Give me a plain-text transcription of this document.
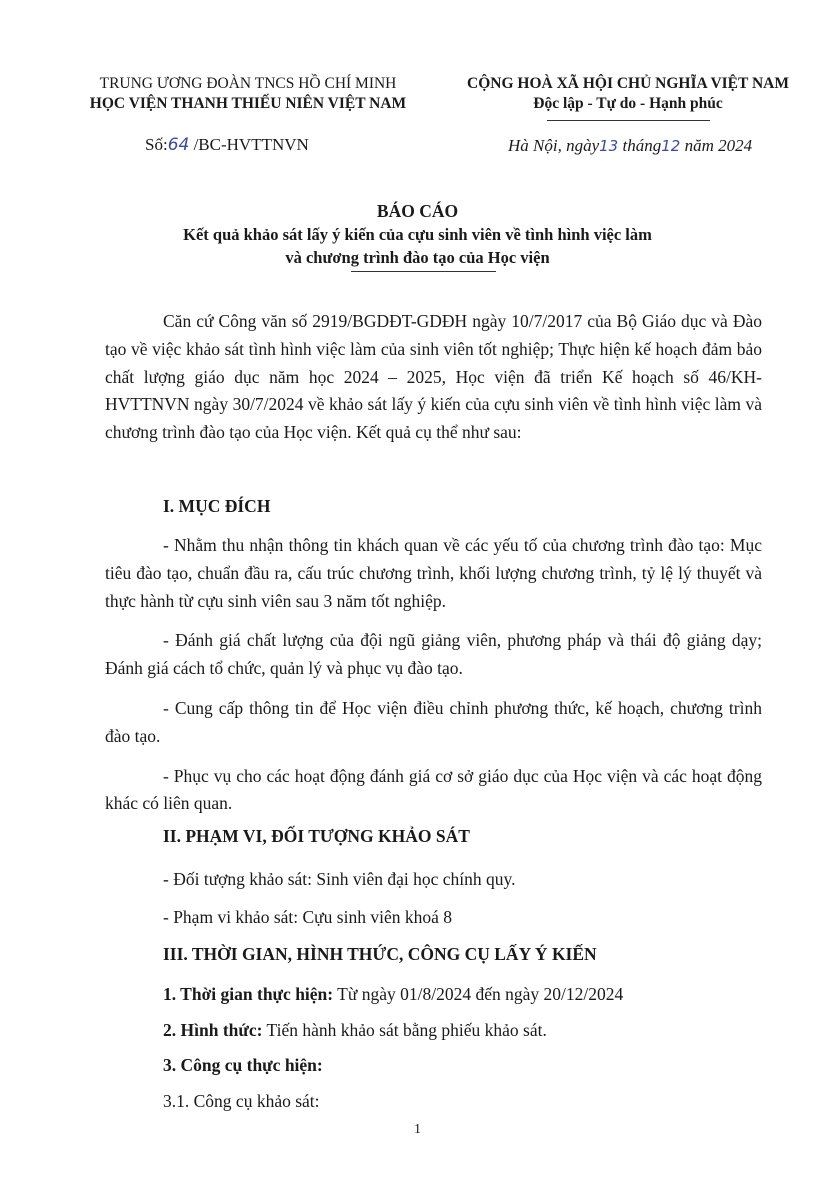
TRUNG ƯƠNG ĐOÀN TNCS HỒ CHÍ MINH
HỌC VIỆN THANH THIẾU NIÊN VIỆT NAM
CỘNG HOÀ XÃ HỘI CHỦ NGHĨA VIỆT NAM
Độc lập - Tự do - Hạnh phúc
Số:64 /BC-HVTTNVN	Hà Nội, ngày13 tháng12 năm 2024
BÁO CÁO
Kết quả khảo sát lấy ý kiến của cựu sinh viên về tình hình việc làm
và chương trình đào tạo của Học viện

Căn cứ Công văn số 2919/BGDĐT-GDĐH ngày 10/7/2017 của Bộ Giáo dục và Đào tạo về việc khảo sát tình hình việc làm của sinh viên tốt nghiệp; Thực hiện kế hoạch đảm bảo chất lượng giáo dục năm học 2024 – 2025, Học viện đã triển Kế hoạch số 46/KH-HVTTNVN ngày 30/7/2024 về khảo sát lấy ý kiến của cựu sinh viên về tình hình việc làm và chương trình đào tạo của Học viện. Kết quả cụ thể như sau:

I. MỤC ĐÍCH

- Nhằm thu nhận thông tin khách quan về các yếu tố của chương trình đào tạo: Mục tiêu đào tạo, chuẩn đầu ra, cấu trúc chương trình, khối lượng chương trình, tỷ lệ lý thuyết và thực hành từ cựu sinh viên sau 3 năm tốt nghiệp.

- Đánh giá chất lượng của đội ngũ giảng viên, phương pháp và thái độ giảng dạy; Đánh giá cách tổ chức, quản lý và phục vụ đào tạo.

- Cung cấp thông tin để Học viện điều chỉnh phương thức, kế hoạch, chương trình đào tạo.

- Phục vụ cho các hoạt động đánh giá cơ sở giáo dục của Học viện và các hoạt động khác có liên quan.

II. PHẠM VI, ĐỐI TƯỢNG KHẢO SÁT
- Đối tượng khảo sát: Sinh viên đại học chính quy.
- Phạm vi khảo sát: Cựu sinh viên khoá 8
III. THỜI GIAN, HÌNH THỨC, CÔNG CỤ LẤY Ý KIẾN
1. Thời gian thực hiện: Từ ngày 01/8/2024 đến ngày 20/12/2024
2. Hình thức: Tiến hành khảo sát bằng phiếu khảo sát.
3. Công cụ thực hiện:
3.1. Công cụ khảo sát:
1
